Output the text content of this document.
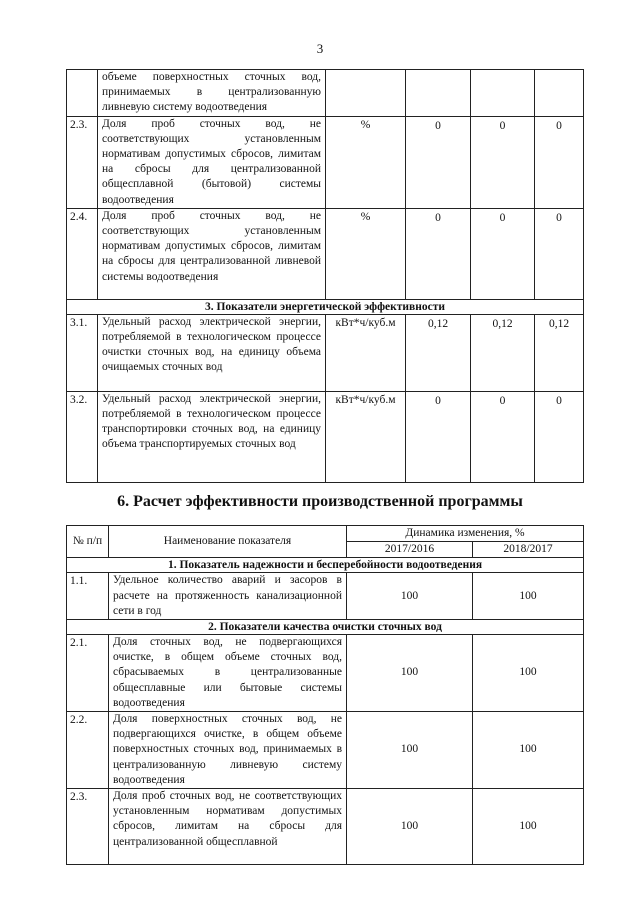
3
	объеме поверхностных сточных вод, принимаемых в централизованную ливневую систему водоотведения				
2.3.	Доля проб сточных вод, не соответствующих установленным нормативам допустимых сбросов, лимитам на сбросы для централизованной общесплавной (бытовой) системы водоотведения	%	0	0	0
2.4.	Доля проб сточных вод, не соответствующих установленным нормативам допустимых сбросов, лимитам на сбросы для централизованной ливневой системы водоотведения	%	0	0	0
3. Показатели энергетической эффективности					
3.1.	Удельный расход электрической энергии, потребляемой в технологическом процессе очистки сточных вод, на единицу объема очищаемых сточных вод	кВт*ч/куб.м	0,12	0,12	0,12
3.2.	Удельный расход электрической энергии, потребляемой в технологическом процессе транспортировки сточных вод, на единицу объема транспортируемых сточных вод	кВт*ч/куб.м	0	0	0
6. Расчет эффективности производственной программы
№ п/п	Наименование показателя	Динамика изменения, %	
		2017/2016	2018/2017
1. Показатель надежности и бесперебойности водоотведения			
1.1.	Удельное количество аварий и засоров в расчете на протяженность канализационной сети в год	100	100
2. Показатели качества очистки сточных вод			
2.1.	Доля сточных вод, не подвергающихся очистке, в общем объеме сточных вод, сбрасываемых в централизованные общесплавные или бытовые системы водоотведения	100	100
2.2.	Доля поверхностных сточных вод, не подвергающихся очистке, в общем объеме поверхностных сточных вод, принимаемых в централизованную ливневую систему водоотведения	100	100
2.3.	Доля проб сточных вод, не соответствующих установленным нормативам допустимых сбросов, лимитам на сбросы для централизованной общесплавной	100	100
